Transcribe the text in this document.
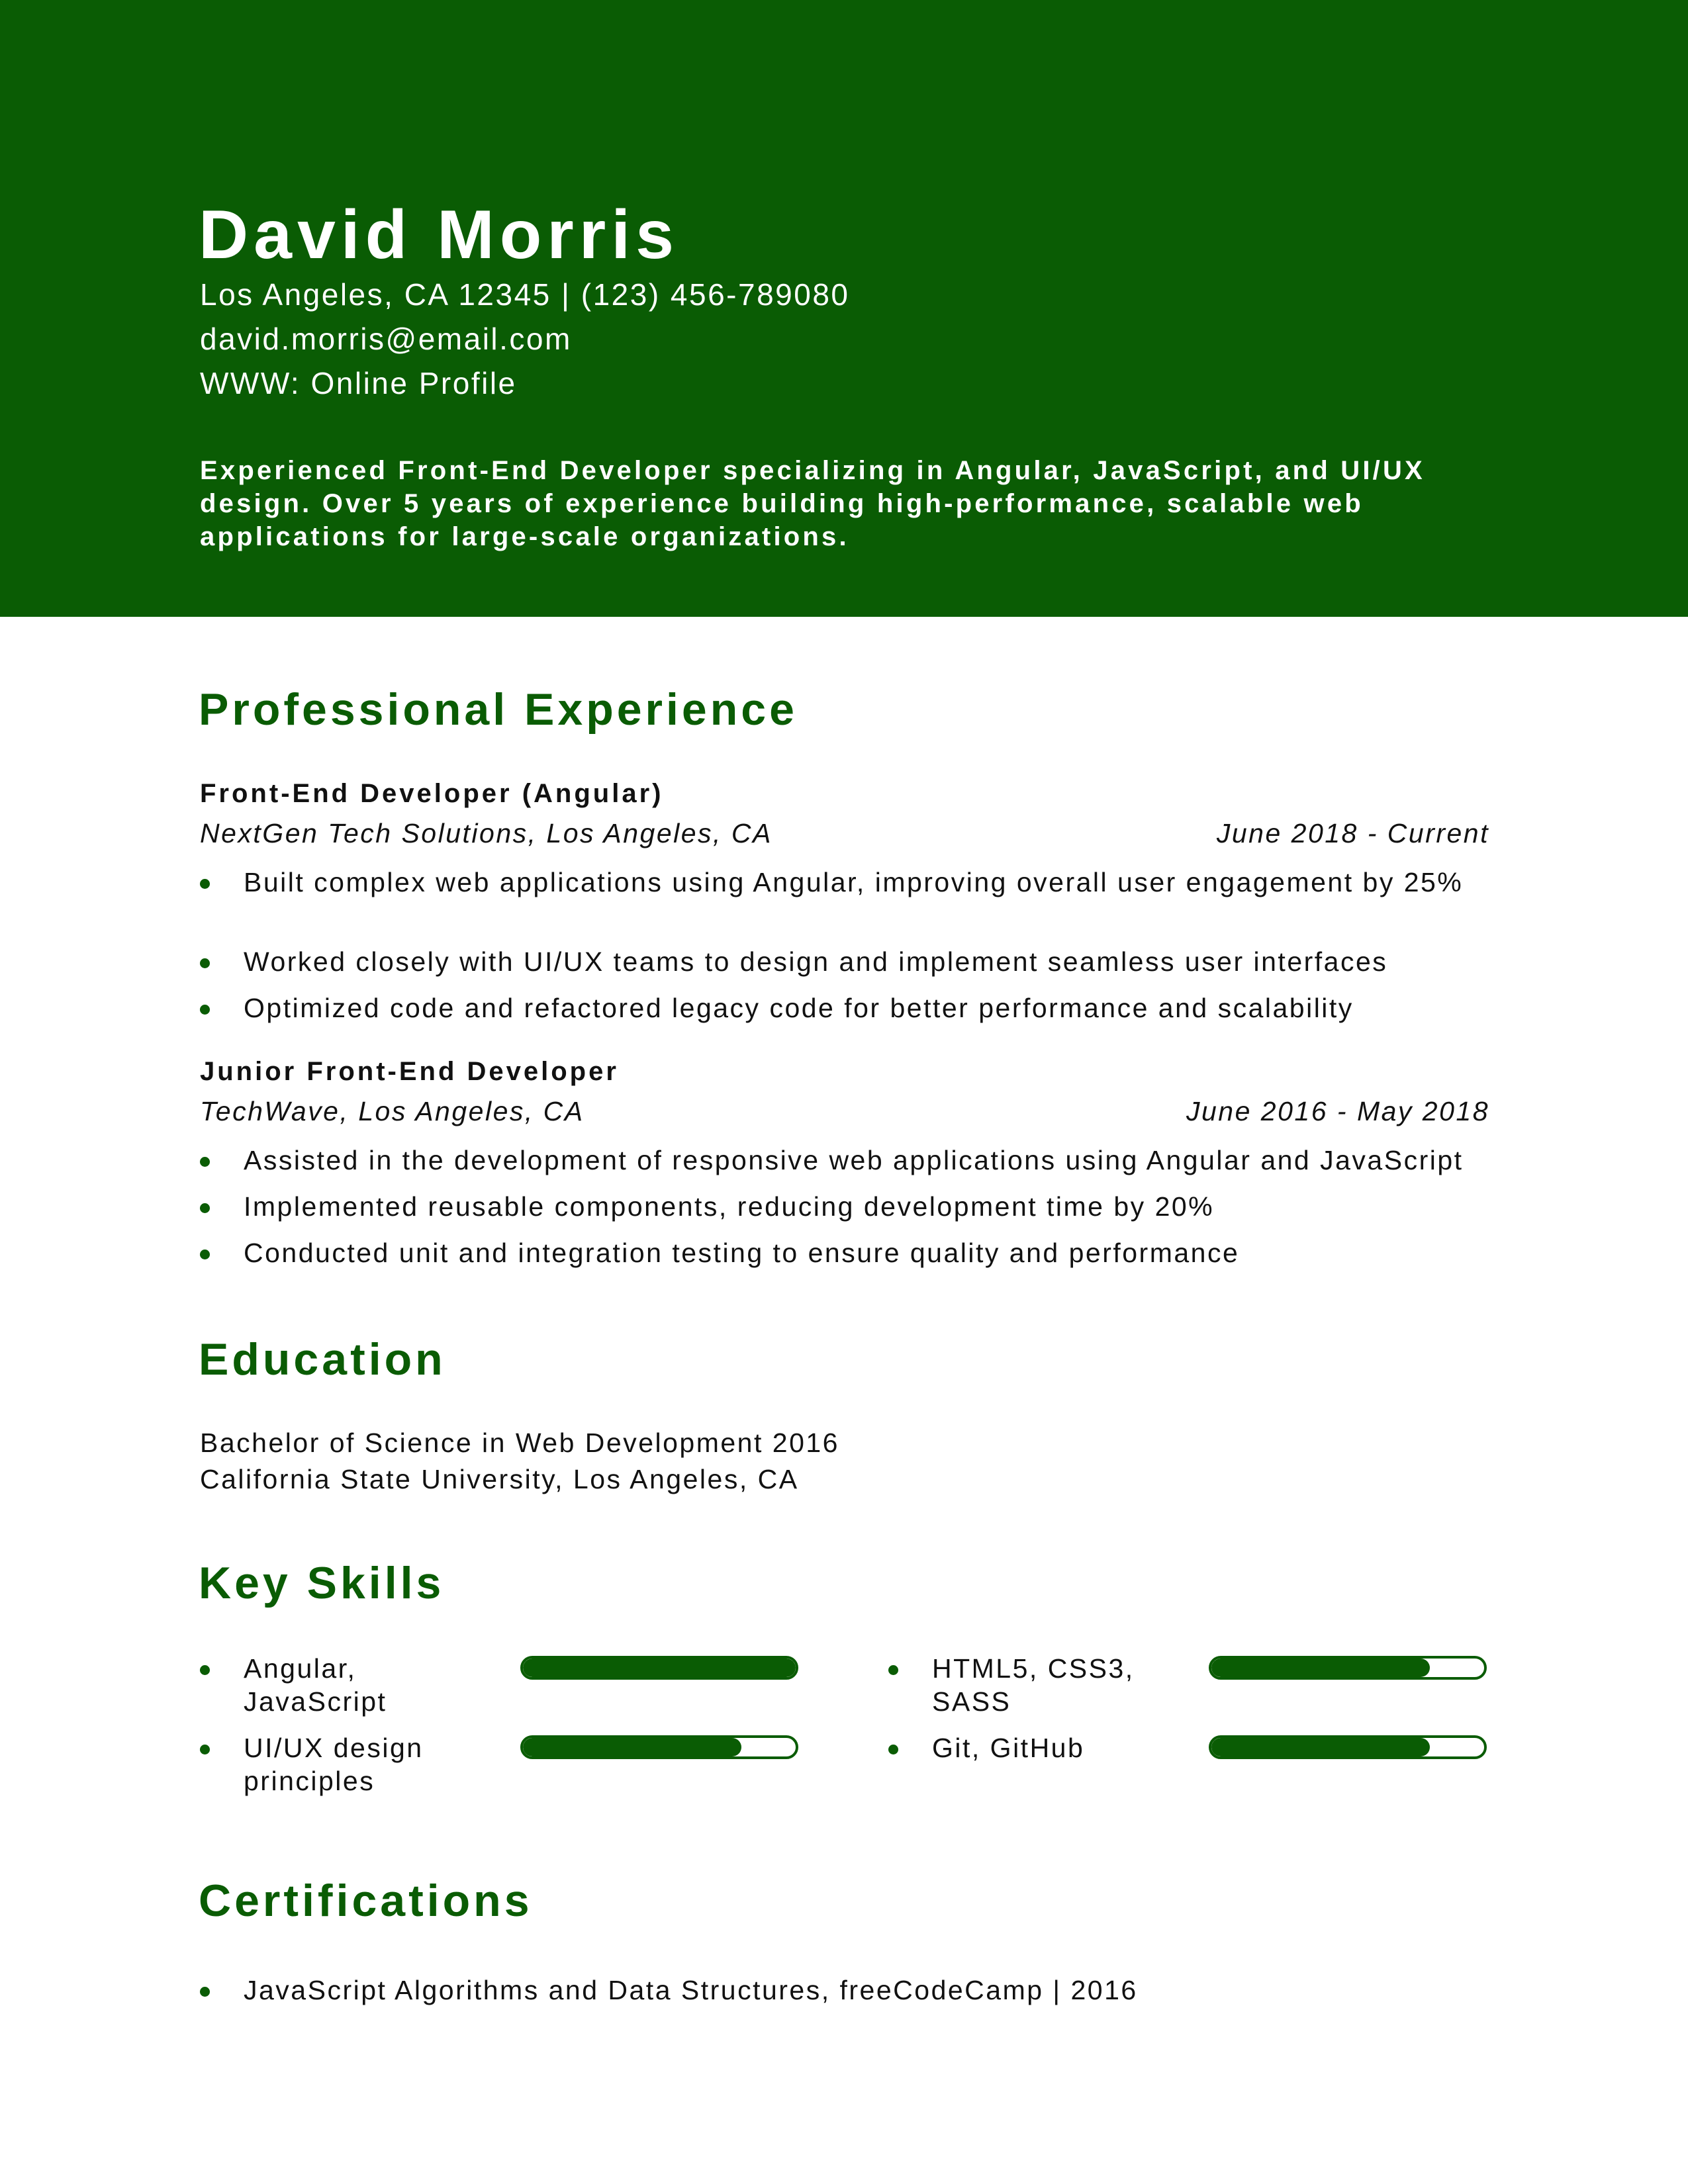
David Morris
Los Angeles, CA 12345 | (123) 456-789080
david.morris@email.com
WWW: Online Profile
Experienced Front-End Developer specializing in Angular, JavaScript, and UI/UX design. Over 5 years of experience building high-performance, scalable web applications for large-scale organizations.
Professional Experience
Front-End Developer (Angular)
NextGen Tech Solutions, Los Angeles, CA	June 2018 - Current
Built complex web applications using Angular, improving overall user engagement by 25%
Worked closely with UI/UX teams to design and implement seamless user interfaces
Optimized code and refactored legacy code for better performance and scalability
Junior Front-End Developer
TechWave, Los Angeles, CA	June 2016 - May 2018
Assisted in the development of responsive web applications using Angular and JavaScript
Implemented reusable components, reducing development time by 20%
Conducted unit and integration testing to ensure quality and performance
Education
Bachelor of Science in Web Development 2016
California State University, Los Angeles, CA
Key Skills
Angular, JavaScript
HTML5, CSS3, SASS
UI/UX design principles
Git, GitHub
Certifications
JavaScript Algorithms and Data Structures, freeCodeCamp | 2016
